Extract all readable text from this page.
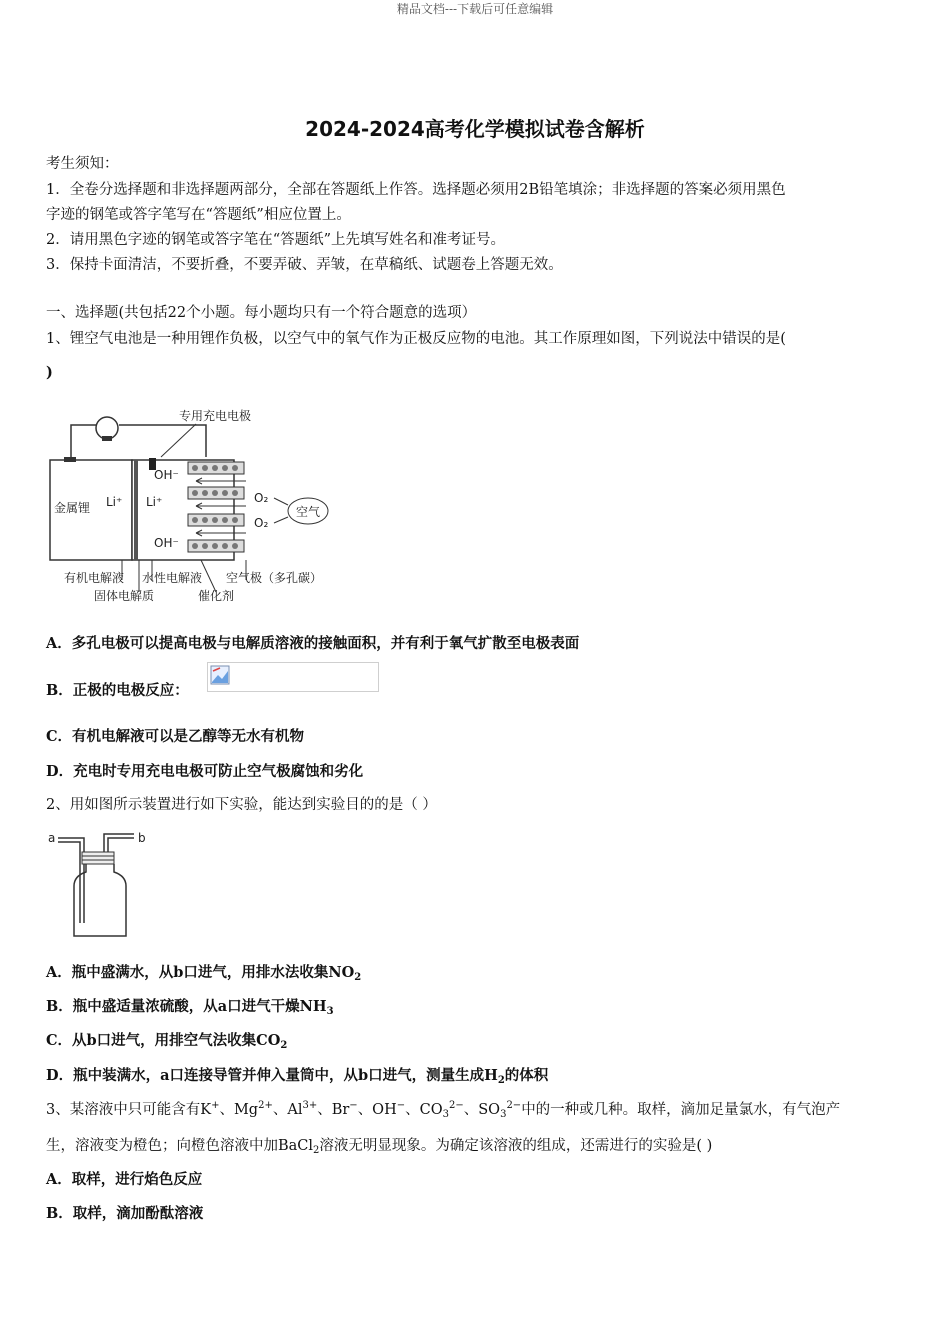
精品文档---下载后可任意编辑
2024-2024高考化学模拟试卷含解析
考生须知：
1．全卷分选择题和非选择题两部分，全部在答题纸上作答。选择题必须用2B铅笔填涂；非选择题的答案必须用黑色
字迹的钢笔或答字笔写在“答题纸”相应位置上。
2．请用黑色字迹的钢笔或答字笔在“答题纸”上先填写姓名和准考证号。
3．保持卡面清洁，不要折叠，不要弄破、弄皱，在草稿纸、试题卷上答题无效。
一、选择题(共包括22个小题。每小题均只有一个符合题意的选项）
1、锂空气电池是一种用锂作负极，以空气中的氧气作为正极反应物的电池。其工作原理如图，下列说法中错误的是(
)
专用充电电极
金属锂 Li⁺ Li⁺
OH⁻
OH⁻
O₂
O₂
空气
有机电解液 水性电解液 空气极（多孔碳）
固体电解质	催化剂
A．多孔电极可以提高电极与电解质溶液的接触面积，并有利于氧气扩散至电极表面
B．正极的电极反应：
C．有机电解液可以是乙醇等无水有机物
D．充电时专用充电电极可防止空气极腐蚀和劣化
2、用如图所示装置进行如下实验，能达到实验目的的是（ ）
a	b
A．瓶中盛满水，从b口进气，用排水法收集$NO_2$
B．瓶中盛适量浓硫酸，从a口进气干燥$NH_3$
C．从b口进气，用排空气法收集$CO_2$
D．瓶中装满水，a口连接导管并伸入量筒中，从b口进气，测量生成$H_2$的体积
3、某溶液中只可能含有K+、$Mg^{2+}$、$Al^{3+}$、Br−、OH−、$CO_3^{2-}$、$SO_3^{2-}$中的一种或几种。取样，滴加足量氯水，有气泡产
生，溶液变为橙色；向橙色溶液中加BaCl$_2$溶液无明显现象。为确定该溶液的组成，还需进行的实验是( )
A．取样，进行焰色反应
B．取样，滴加酚酞溶液
